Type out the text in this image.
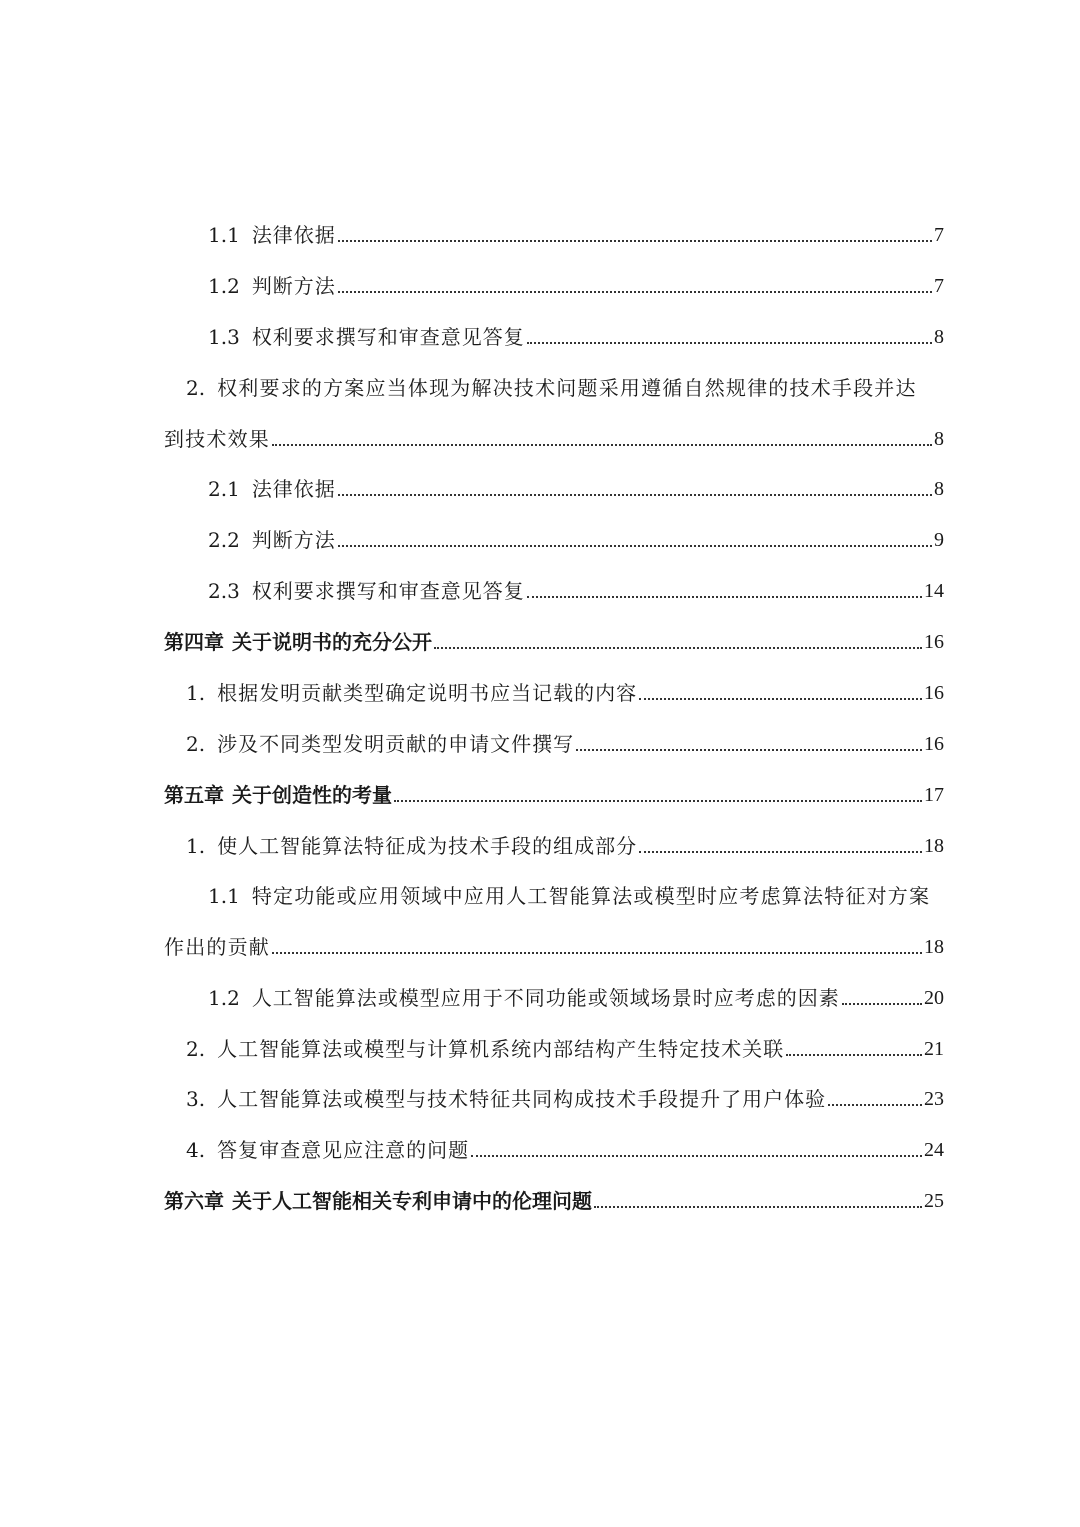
1.1 法律依据	7
1.2 判断方法	7
1.3 权利要求撰写和审查意见答复	8
2. 权利要求的方案应当体现为解决技术问题采用遵循自然规律的技术手段并达
到技术效果	8
2.1 法律依据	8
2.2 判断方法	9
2.3 权利要求撰写和审查意见答复	14
第四章 关于说明书的充分公开	16
1. 根据发明贡献类型确定说明书应当记载的内容	16
2. 涉及不同类型发明贡献的申请文件撰写	16
第五章 关于创造性的考量	17
1. 使人工智能算法特征成为技术手段的组成部分	18
1.1 特定功能或应用领域中应用人工智能算法或模型时应考虑算法特征对方案
作出的贡献	18
1.2 人工智能算法或模型应用于不同功能或领域场景时应考虑的因素	20
2. 人工智能算法或模型与计算机系统内部结构产生特定技术关联	21
3. 人工智能算法或模型与技术特征共同构成技术手段提升了用户体验	23
4. 答复审查意见应注意的问题	24
第六章 关于人工智能相关专利申请中的伦理问题	25
